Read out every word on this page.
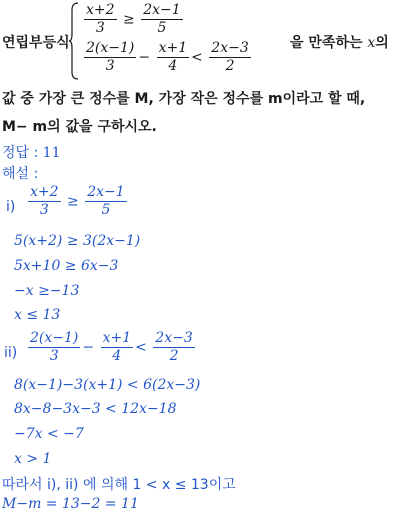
연립부등식
$\frac{x+2}{3} \ge \frac{2x-1}{5}$
$\frac{2(x-1)}{3} - \frac{x+1}{4} < \frac{2x-3}{2}$	을 만족하는 x의
값 중 가장 큰 정수를 M, 가장 작은 정수를 m이라고 할 때,
M− m의 값을 구하시오.
정답 : 11
해설 :
$i) \frac{x+2}{3} \ge \frac{2x-1}{5}$
5(x+2) ≥ 3(2x−1)
5x+10 ≥ 6x−3
−x ≥−13
x ≤ 13
$ii) \frac{2(x-1)}{3} - \frac{x+1}{4} < \frac{2x-3}{2}$
8(x−1)−3(x+1) < 6(2x−3)
8x−8−3x−3 < 12x−18
−7x < −7
x > 1
따라서 i), ii) 에 의해 1 < x ≤ 13이고
M−m = 13−2 = 11
